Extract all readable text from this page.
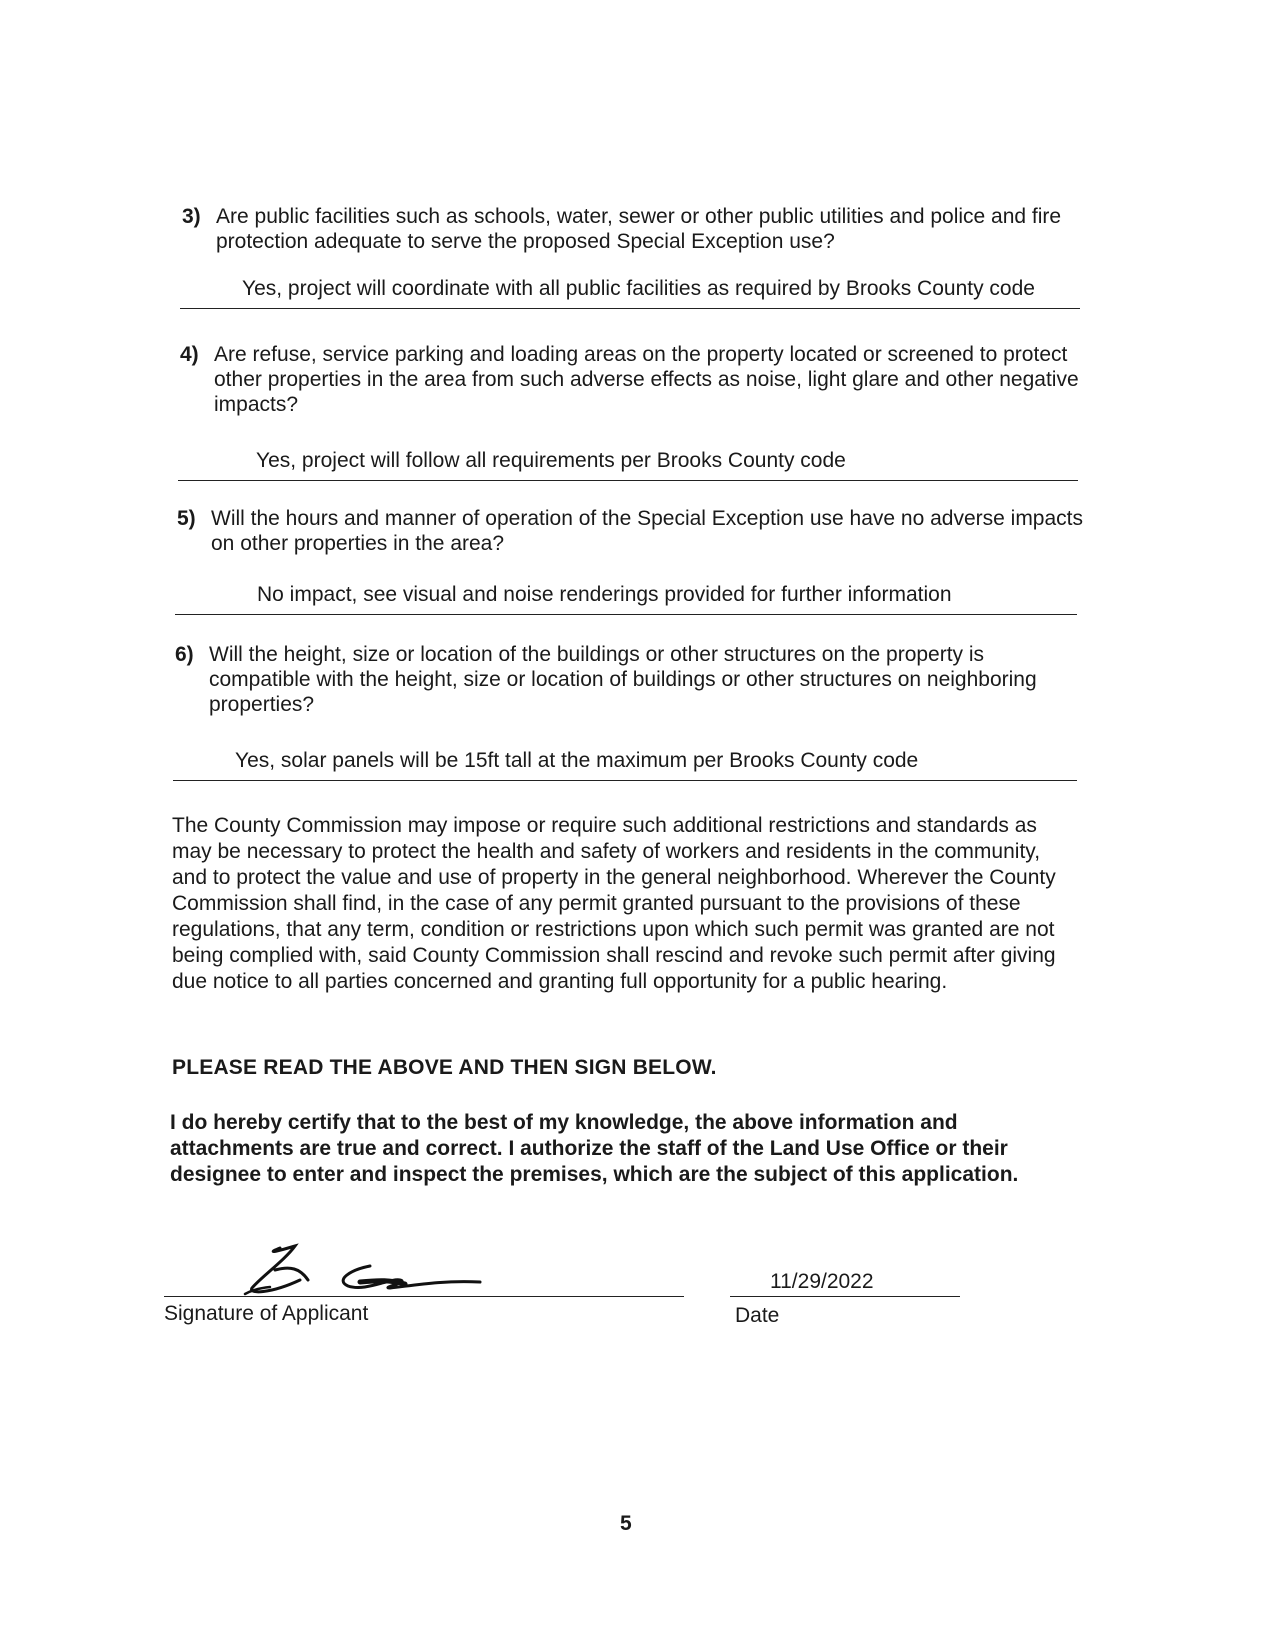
3) Are public facilities such as schools, water, sewer or other public utilities and police and fire protection adequate to serve the proposed Special Exception use?
Yes, project will coordinate with all public facilities as required by Brooks County code
4) Are refuse, service parking and loading areas on the property located or screened to protect other properties in the area from such adverse effects as noise, light glare and other negative impacts?
Yes, project will follow all requirements per Brooks County code
5) Will the hours and manner of operation of the Special Exception use have no adverse impacts on other properties in the area?
No impact, see visual and noise renderings provided for further information
6) Will the height, size or location of the buildings or other structures on the property is compatible with the height, size or location of buildings or other structures on neighboring properties?
Yes, solar panels will be 15ft tall at the maximum per Brooks County code
The County Commission may impose or require such additional restrictions and standards as may be necessary to protect the health and safety of workers and residents in the community, and to protect the value and use of property in the general neighborhood. Wherever the County Commission shall find, in the case of any permit granted pursuant to the provisions of these regulations, that any term, condition or restrictions upon which such permit was granted are not being complied with, said County Commission shall rescind and revoke such permit after giving due notice to all parties concerned and granting full opportunity for a public hearing.
PLEASE READ THE ABOVE AND THEN SIGN BELOW.
I do hereby certify that to the best of my knowledge, the above information and attachments are true and correct. I authorize the staff of the Land Use Office or their designee to enter and inspect the premises, which are the subject of this application.
Signature of Applicant
11/29/2022
Date
5
